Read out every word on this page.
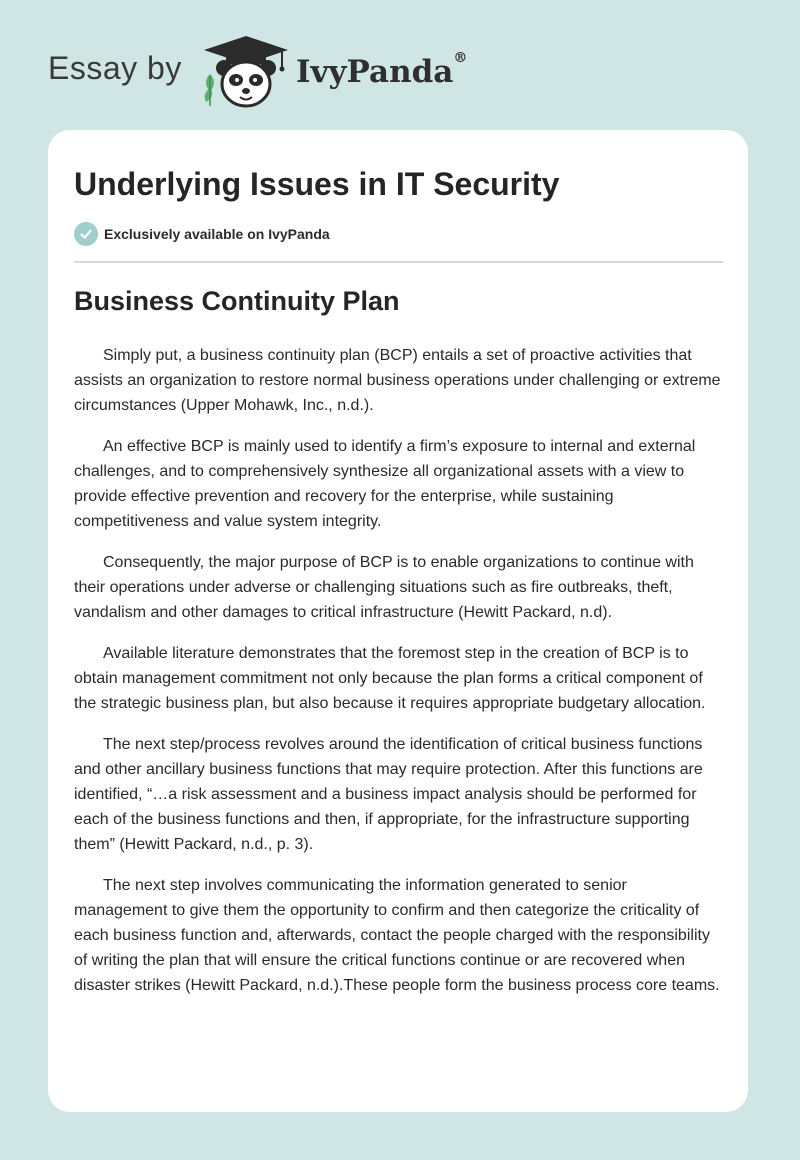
Essay by	IvyPanda®
Underlying Issues in IT Security
Exclusively available on IvyPanda
Business Continuity Plan

Simply put, a business continuity plan (BCP) entails a set of proactive activities that assists an organization to restore normal business operations under challenging or extreme circumstances (Upper Mohawk, Inc., n.d.).

An effective BCP is mainly used to identify a firm’s exposure to internal and external challenges, and to comprehensively synthesize all organizational assets with a view to provide effective prevention and recovery for the enterprise, while sustaining competitiveness and value system integrity.

Consequently, the major purpose of BCP is to enable organizations to continue with their operations under adverse or challenging situations such as fire outbreaks, theft, vandalism and other damages to critical infrastructure (Hewitt Packard, n.d).

Available literature demonstrates that the foremost step in the creation of BCP is to obtain management commitment not only because the plan forms a critical component of the strategic business plan, but also because it requires appropriate budgetary allocation.

The next step/process revolves around the identification of critical business functions and other ancillary business functions that may require protection. After this functions are identified, “…a risk assessment and a business impact analysis should be performed for each of the business functions and then, if appropriate, for the infrastructure supporting them” (Hewitt Packard, n.d., p. 3).

The next step involves communicating the information generated to senior management to give them the opportunity to confirm and then categorize the criticality of each business function and, afterwards, contact the people charged with the responsibility of writing the plan that will ensure the critical functions continue or are recovered when disaster strikes (Hewitt Packard, n.d.).These people form the business process core teams.
